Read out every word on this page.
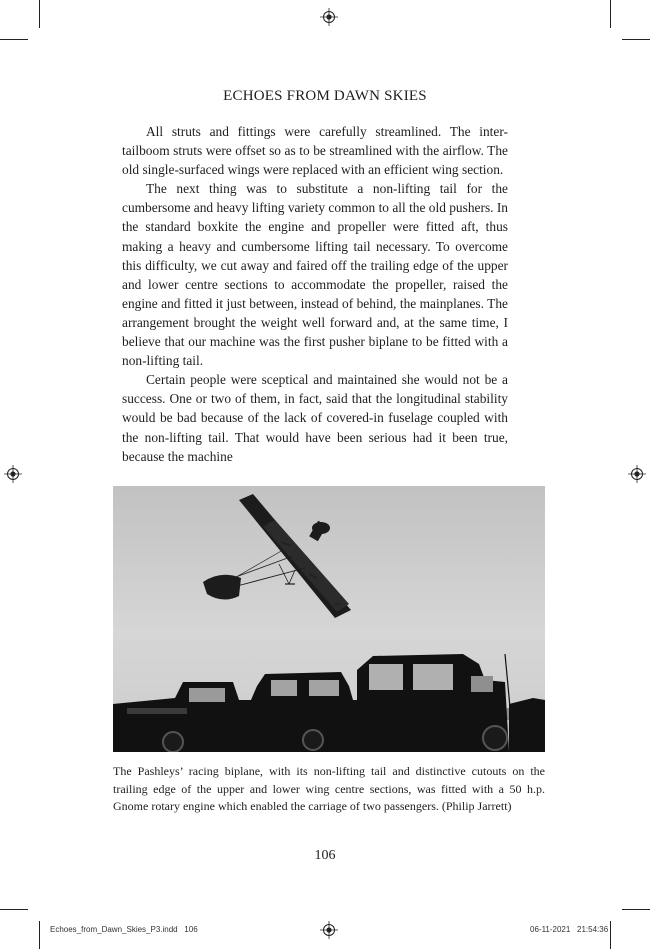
ECHOES FROM DAWN SKIES

All struts and fittings were carefully streamlined. The inter-tailboom struts were offset so as to be streamlined with the airflow. The old single-surfaced wings were replaced with an efficient wing section.

The next thing was to substitute a non-lifting tail for the cumbersome and heavy lifting variety common to all the old pushers. In the standard boxkite the engine and propeller were fitted aft, thus making a heavy and cumbersome lifting tail necessary. To overcome this difficulty, we cut away and faired off the trailing edge of the upper and lower centre sections to accommodate the propeller, raised the engine and fitted it just between, instead of behind, the mainplanes. The arrangement brought the weight well forward and, at the same time, I believe that our machine was the first pusher biplane to be fitted with a non-lifting tail.

Certain people were sceptical and maintained she would not be a success. One or two of them, in fact, said that the longitudinal stability would be bad because of the lack of covered-in fuselage coupled with the non-lifting tail. That would have been serious had it been true, because the machine

The Pashleys’ racing biplane, with its non-lifting tail and distinctive cutouts on the trailing edge of the upper and lower wing centre sections, was fitted with a 50 h.p. Gnome rotary engine which enabled the carriage of two passengers. (Philip Jarrett)
106
Echoes_from_Dawn_Skies_P3.indd   106	06-11-2021   21:54:36
